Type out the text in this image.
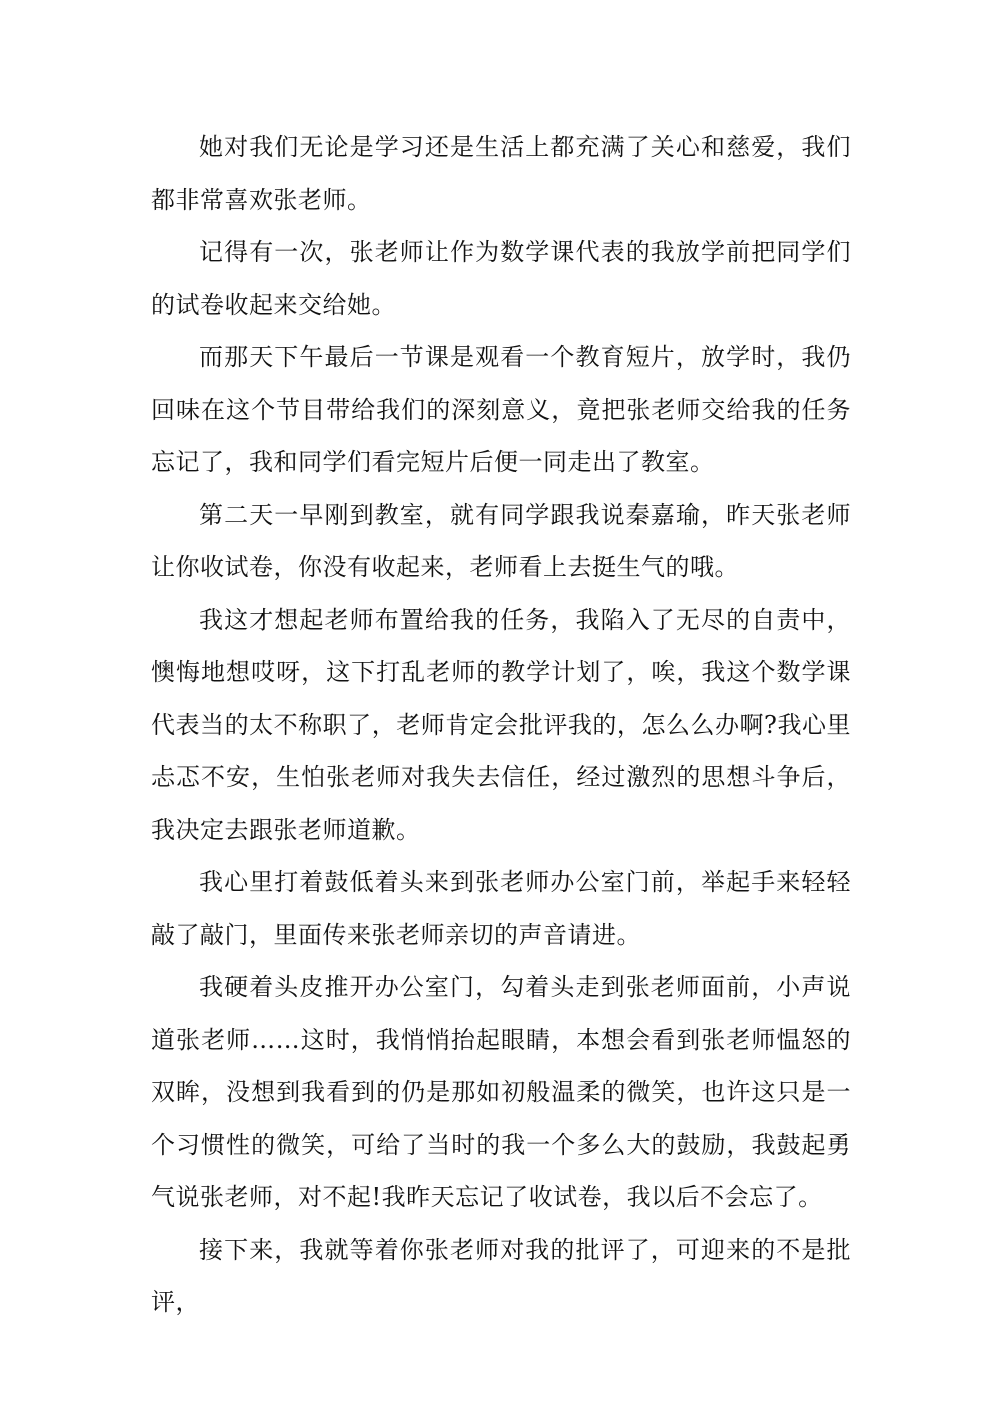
她对我们无论是学习还是生活上都充满了关心和慈爱，我们都非常喜欢张老师。

记得有一次，张老师让作为数学课代表的我放学前把同学们的试卷收起来交给她。

而那天下午最后一节课是观看一个教育短片，放学时，我仍回味在这个节目带给我们的深刻意义，竟把张老师交给我的任务忘记了，我和同学们看完短片后便一同走出了教室。

第二天一早刚到教室，就有同学跟我说秦嘉瑜，昨天张老师让你收试卷，你没有收起来，老师看上去挺生气的哦。

我这才想起老师布置给我的任务，我陷入了无尽的自责中，懊悔地想哎呀，这下打乱老师的教学计划了，唉，我这个数学课代表当的太不称职了，老师肯定会批评我的，怎么么办啊?我心里忐忑不安，生怕张老师对我失去信任，经过激烈的思想斗争后，我决定去跟张老师道歉。

我心里打着鼓低着头来到张老师办公室门前，举起手来轻轻敲了敲门，里面传来张老师亲切的声音请进。

我硬着头皮推开办公室门，勾着头走到张老师面前，小声说道张老师……这时，我悄悄抬起眼睛，本想会看到张老师愠怒的双眸，没想到我看到的仍是那如初般温柔的微笑，也许这只是一个习惯性的微笑，可给了当时的我一个多么大的鼓励，我鼓起勇气说张老师，对不起!我昨天忘记了收试卷，我以后不会忘了。

接下来，我就等着你张老师对我的批评了，可迎来的不是批评，
